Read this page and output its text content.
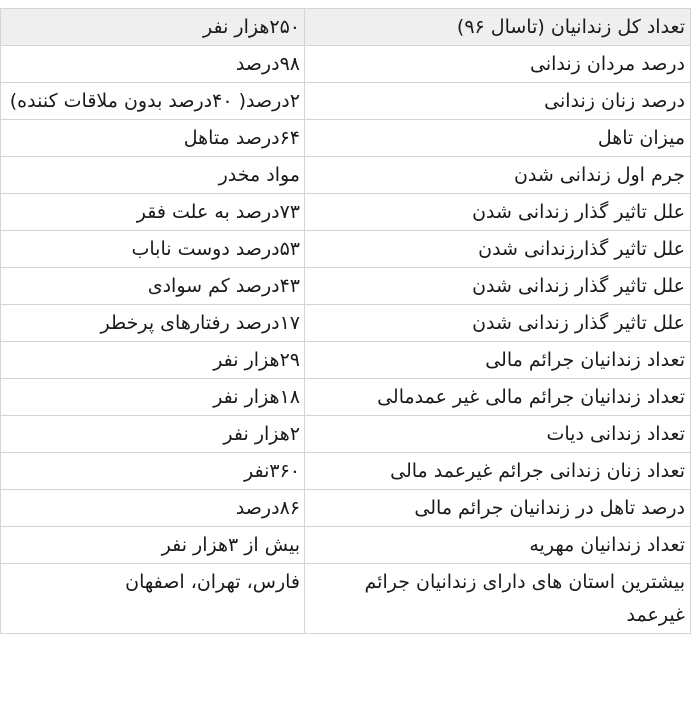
تعداد کل زندانیان (تاسال ۹۶)	۲۵۰هزار نفر
درصد مردان زندانی	۹۸درصد
درصد زنان زندانی	۲درصد( ۴۰درصد بدون ملاقات کننده)
میزان تاهل	۶۴درصد متاهل
جرم اول زندانی شدن	مواد مخدر
علل تاثیر گذار زندانی شدن	۷۳درصد به علت فقر
علل تاثیر گذارزندانی شدن	۵۳درصد دوست ناباب
علل تاثیر گذار زندانی شدن	۴۳درصد کم سوادی
علل تاثیر گذار زندانی شدن	۱۷درصد رفتارهای پرخطر
تعداد زندانیان جرائم مالی	۲۹هزار نفر
تعداد زندانیان جرائم مالی غیر عمدمالی	۱۸هزار نفر
تعداد زندانی دیات	۲هزار نفر
تعداد زنان زندانی جرائم غیرعمد مالی	۳۶۰نفر
درصد تاهل در زندانیان جرائم مالی	۸۶درصد
تعداد زندانیان مهریه	بیش از ۳هزار نفر
بیشترین استان های دارای زندانیان جرائم غیرعمد	فارس، تهران، اصفهان
